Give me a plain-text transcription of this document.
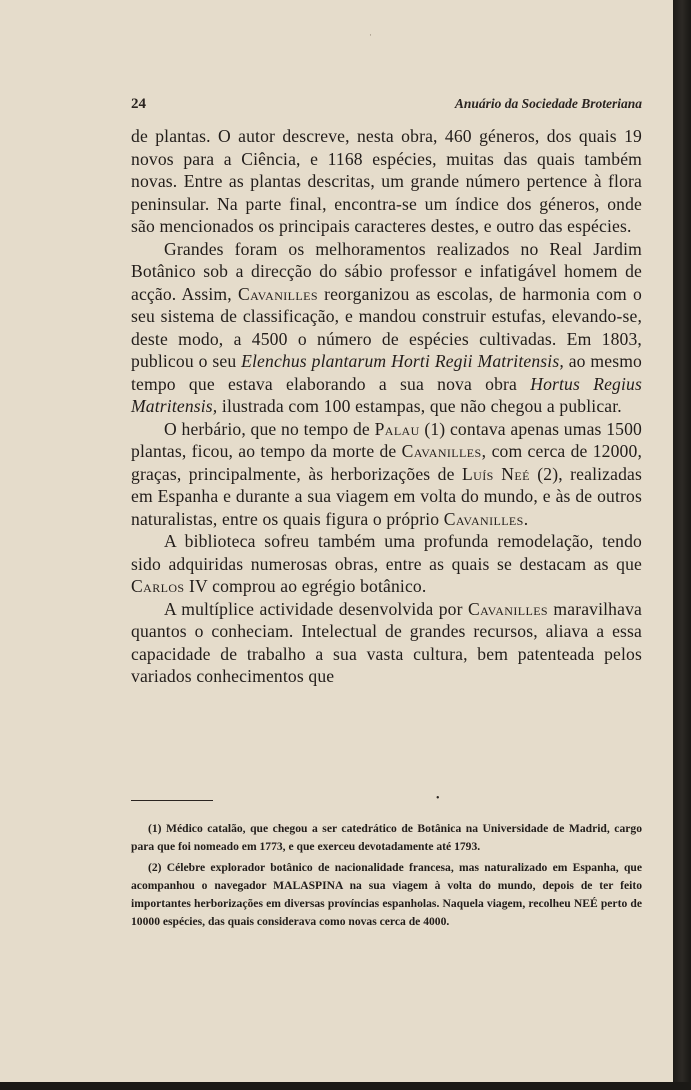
·
24	Anuário da Sociedade Broteriana

de plantas. O autor descreve, nesta obra, 460 géneros, dos quais 19 novos para a Ciência, e 1168 espécies, muitas das quais também novas. Entre as plantas descritas, um grande número pertence à flora peninsular. Na parte final, encontra-se um índice dos géneros, onde são mencionados os principais caracteres destes, e outro das espécies.

Grandes foram os melhoramentos realizados no Real Jardim Botânico sob a direcção do sábio professor e infatigável homem de acção. Assim, Cavanilles reorganizou as escolas, de harmonia com o seu sistema de classificação, e mandou construir estufas, elevando-se, deste modo, a 4500 o número de espécies cultivadas. Em 1803, publicou o seu Elenchus plantarum Horti Regii Matritensis, ao mesmo tempo que estava elaborando a sua nova obra Hortus Regius Matritensis, ilustrada com 100 estampas, que não chegou a publicar.

O herbário, que no tempo de Palau (1) contava apenas umas 1500 plantas, ficou, ao tempo da morte de Cavanilles, com cerca de 12000, graças, principalmente, às herborizações de Luís Neé (2), realizadas em Espanha e durante a sua viagem em volta do mundo, e às de outros naturalistas, entre os quais figura o próprio Cavanilles.

A biblioteca sofreu também uma profunda remodelação, tendo sido adquiridas numerosas obras, entre as quais se destacam as que Carlos IV comprou ao egrégio botânico.

A multíplice actividade desenvolvida por Cavanilles maravilhava quantos o conheciam. Intelectual de grandes recursos, aliava a essa capacidade de trabalho a sua vasta cultura, bem patenteada pelos variados conhecimentos que

•

(1) Médico catalão, que chegou a ser catedrático de Botânica na Universidade de Madrid, cargo para que foi nomeado em 1773, e que exerceu devotadamente até 1793.

(2) Célebre explorador botânico de nacionalidade francesa, mas naturalizado em Espanha, que acompanhou o navegador MALASPINA na sua viagem à volta do mundo, depois de ter feito importantes herborizações em diversas províncias espanholas. Naquela viagem, recolheu NEÉ perto de 10000 espécies, das quais considerava como novas cerca de 4000.
